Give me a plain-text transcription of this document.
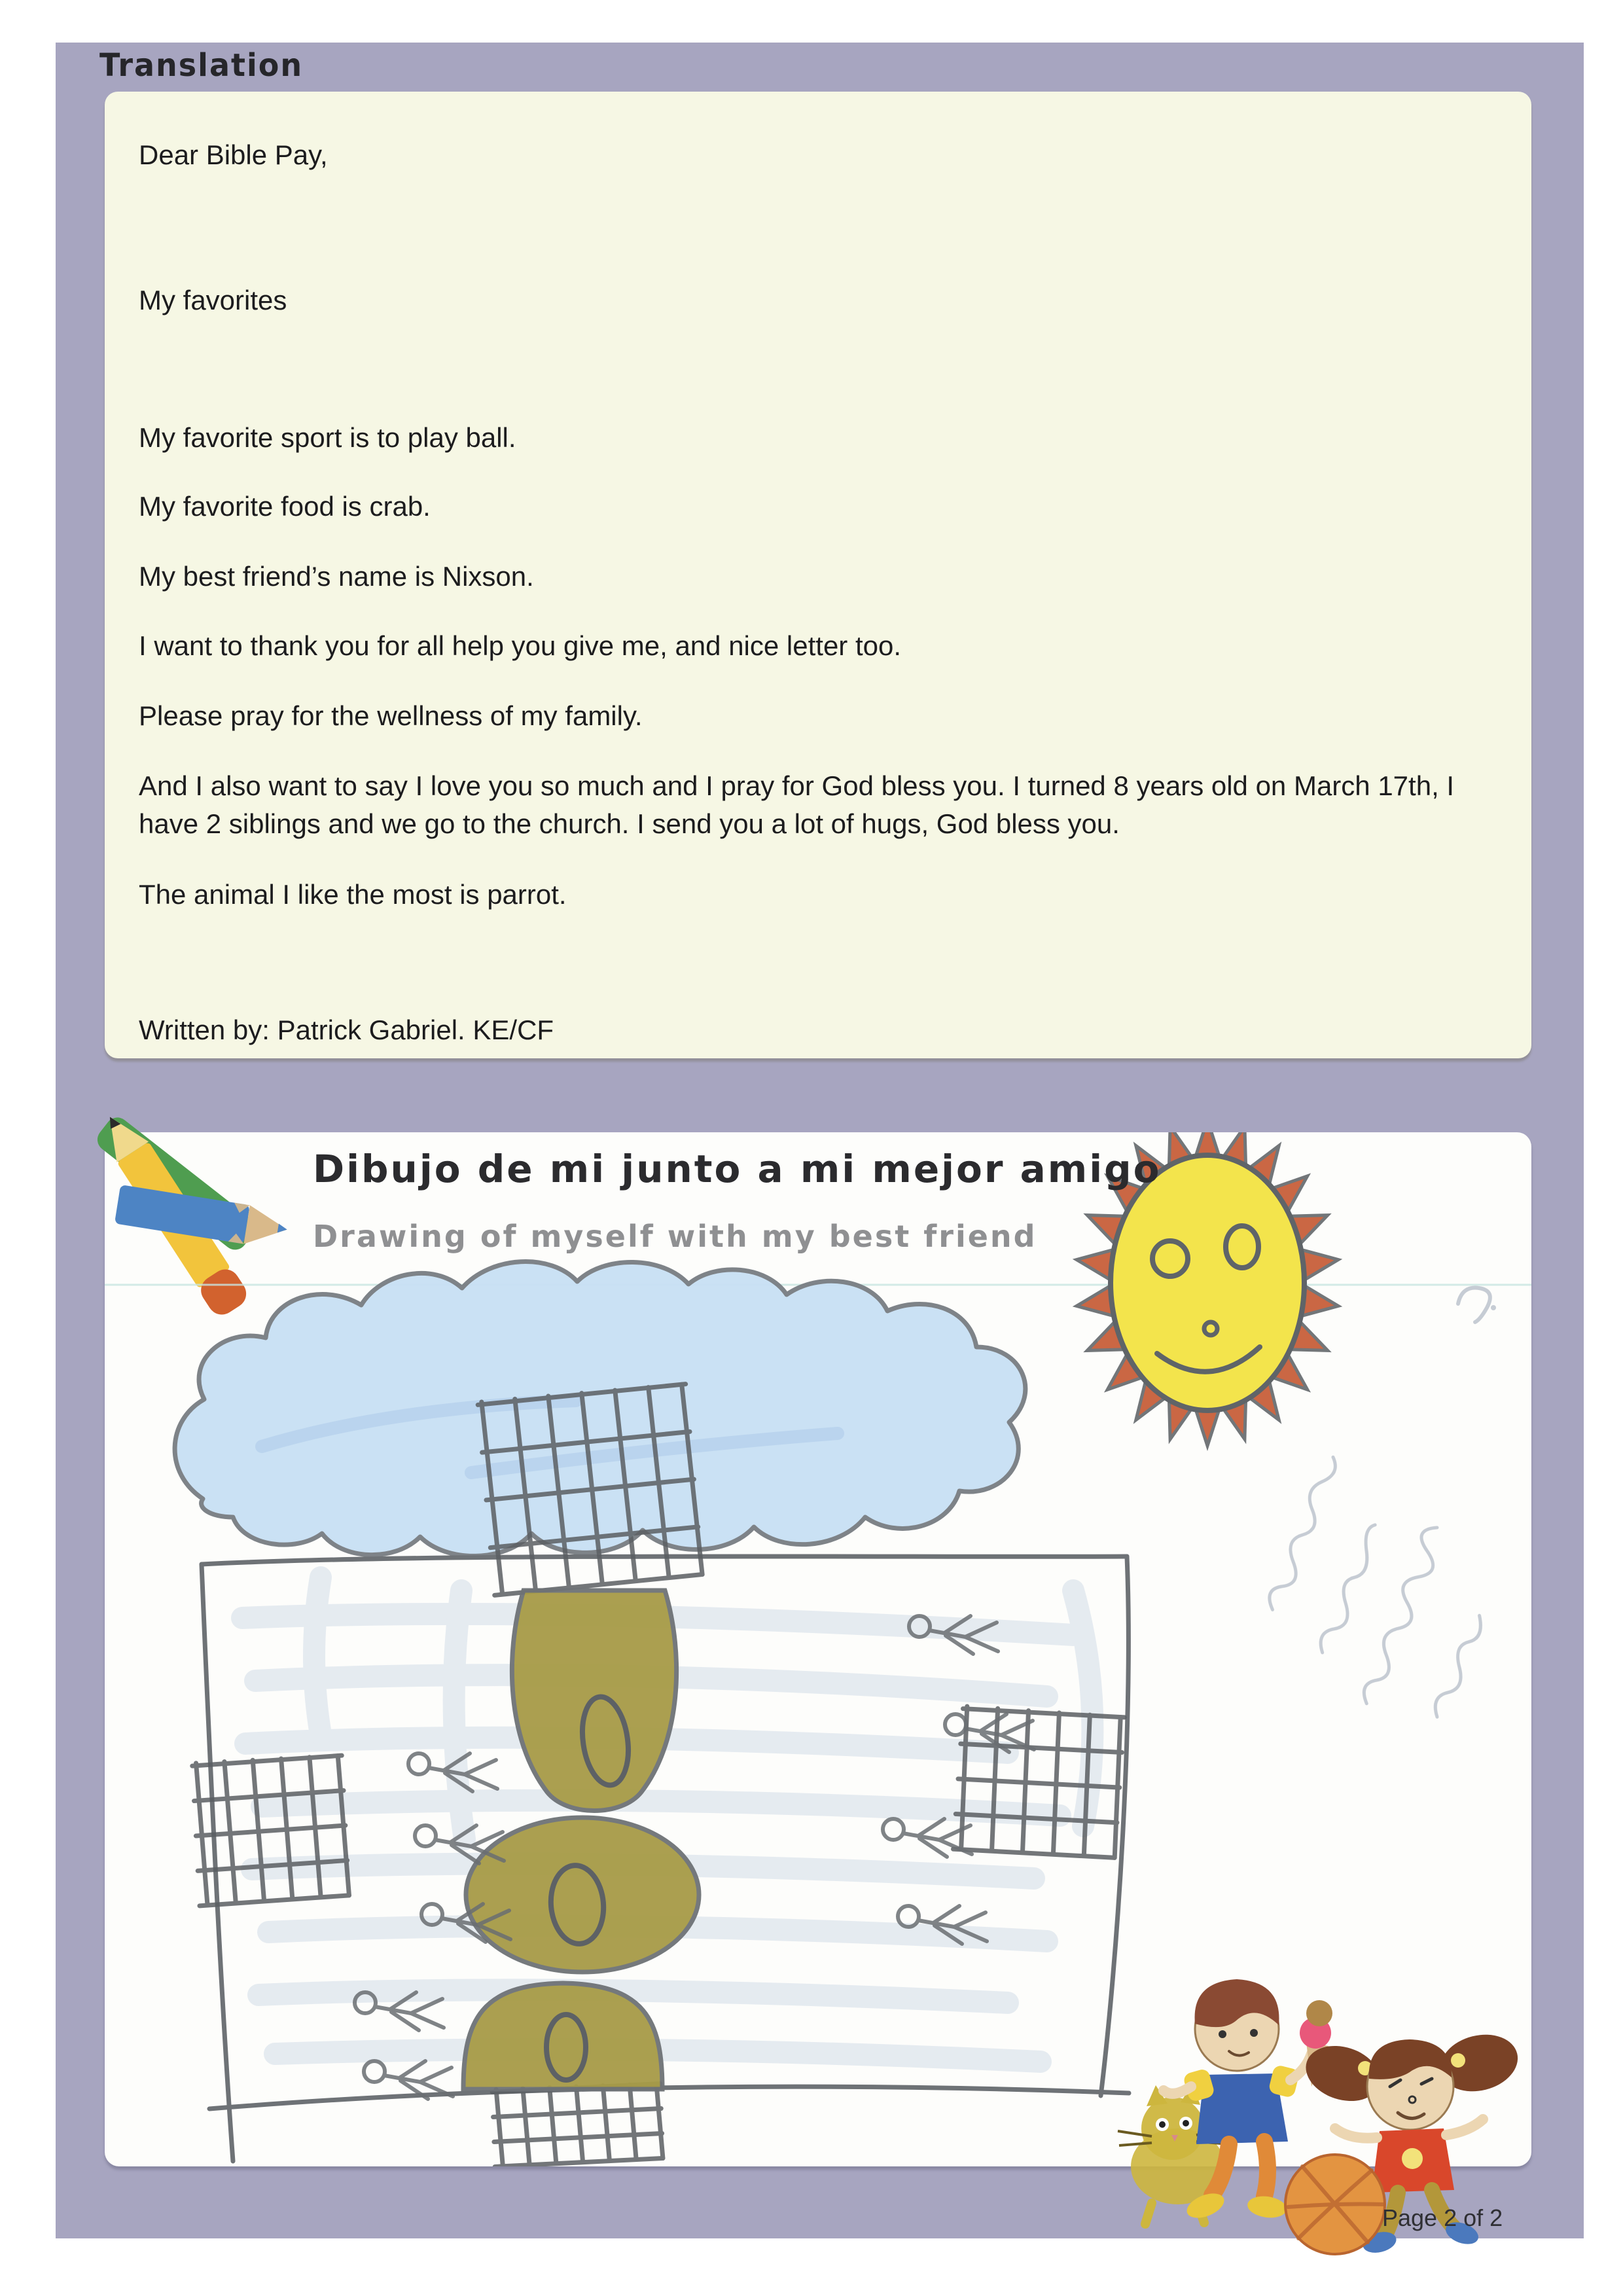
Translation

Dear Bible Pay,

My favorites

My favorite sport is to play ball.

My favorite food is crab.

My best friend’s name is Nixson.

I want to thank you for all help you give me, and nice letter too.

Please pray for the wellness of my family.

And I also want to say I love you so much and I pray for God bless you. I turned 8 years old on March 17th, I have 2 siblings and we go to the church. I send you a lot of hugs, God bless you.

The animal I like the most is parrot.

Written by: Patrick Gabriel. KE/CF

Dibujo de mi junto a mi mejor amigo
Drawing of myself with my best friend
Page 2 of 2
